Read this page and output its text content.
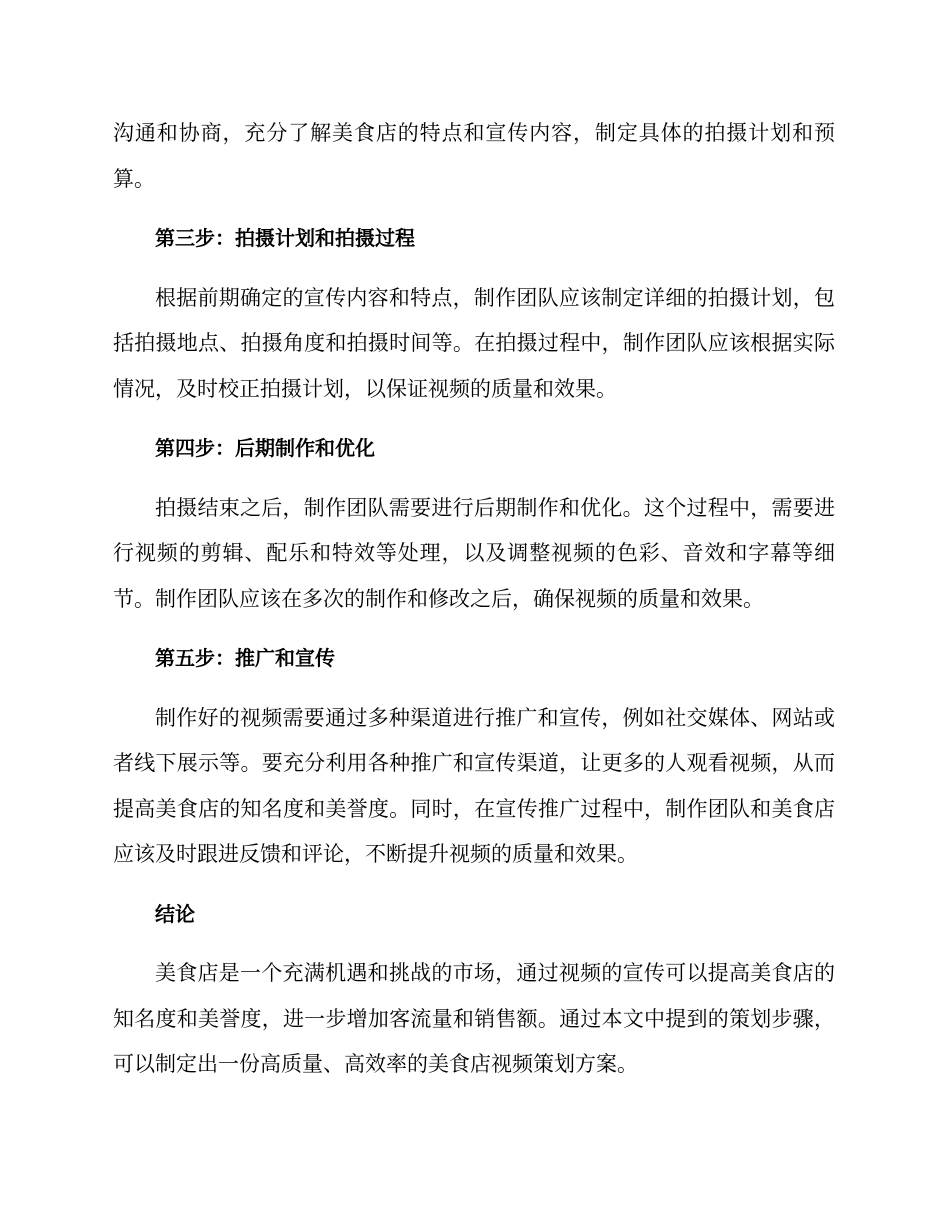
沟通和协商，充分了解美食店的特点和宣传内容，制定具体的拍摄计划和预算。

第三步：拍摄计划和拍摄过程

根据前期确定的宣传内容和特点，制作团队应该制定详细的拍摄计划，包括拍摄地点、拍摄角度和拍摄时间等。在拍摄过程中，制作团队应该根据实际情况，及时校正拍摄计划，以保证视频的质量和效果。

第四步：后期制作和优化

拍摄结束之后，制作团队需要进行后期制作和优化。这个过程中，需要进行视频的剪辑、配乐和特效等处理，以及调整视频的色彩、音效和字幕等细节。制作团队应该在多次的制作和修改之后，确保视频的质量和效果。

第五步：推广和宣传

制作好的视频需要通过多种渠道进行推广和宣传，例如社交媒体、网站或者线下展示等。要充分利用各种推广和宣传渠道，让更多的人观看视频，从而提高美食店的知名度和美誉度。同时，在宣传推广过程中，制作团队和美食店应该及时跟进反馈和评论，不断提升视频的质量和效果。

结论

美食店是一个充满机遇和挑战的市场，通过视频的宣传可以提高美食店的知名度和美誉度，进一步增加客流量和销售额。通过本文中提到的策划步骤，可以制定出一份高质量、高效率的美食店视频策划方案。
